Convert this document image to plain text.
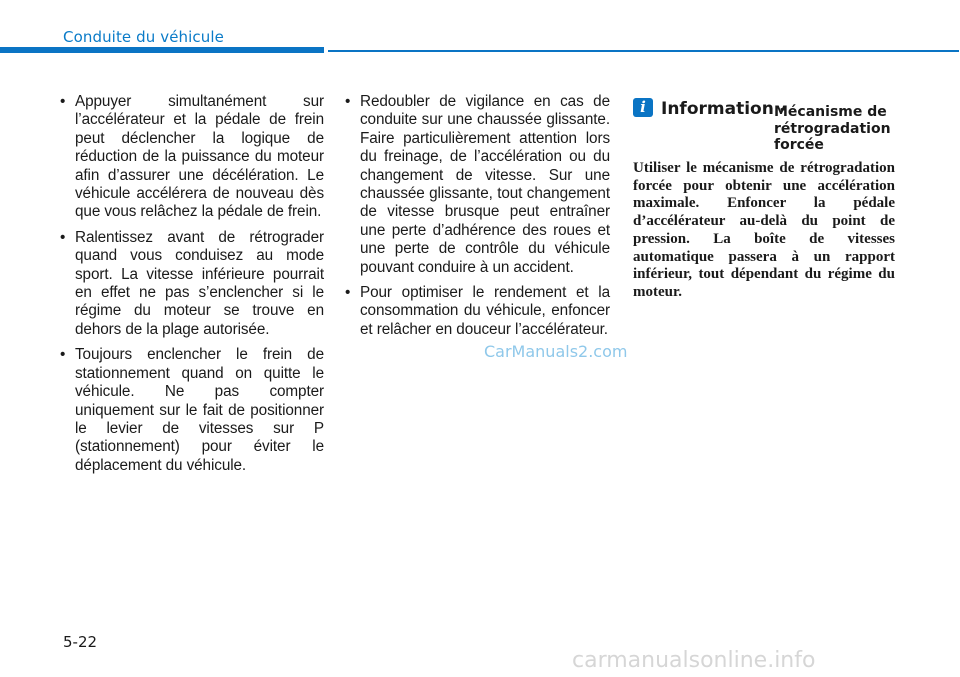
Conduite du véhicule
• Appuyer simultanément sur l’accélérateur et la pédale de frein peut déclencher la logique de réduction de la puissance du moteur afin d’assurer une décélération. Le véhicule accélérera de nouveau dès que vous relâchez la pédale de frein.
• Ralentissez avant de rétrograder quand vous conduisez au mode sport. La vitesse inférieure pourrait en effet ne pas s’enclencher si le régime du moteur se trouve en dehors de la plage autorisée.
• Toujours enclencher le frein de stationnement quand on quitte le véhicule. Ne pas compter uniquement sur le fait de positionner le levier de vitesses sur P (stationnement) pour éviter le déplacement du véhicule.
• Redoubler de vigilance en cas de conduite sur une chaussée glissante. Faire particulièrement attention lors du freinage, de l’accélération ou du changement de vitesse. Sur une chaussée glissante, tout changement de vitesse brusque peut entraîner une perte d’adhérence des roues et une perte de contrôle du véhicule pouvant conduire à un accident.
• Pour optimiser le rendement et la consommation du véhicule, enfoncer et relâcher en douceur l’accélérateur.
i Information -
Mécanisme de rétrogradation forcée
Utiliser le mécanisme de rétrogradation forcée pour obtenir une accélération maximale. Enfoncer la pédale d’accélérateur au-delà du point de pression. La boîte de vitesses automatique passera à un rapport inférieur, tout dépendant du régime du moteur.
CarManuals2.com
5-22
carmanualsonline.info
